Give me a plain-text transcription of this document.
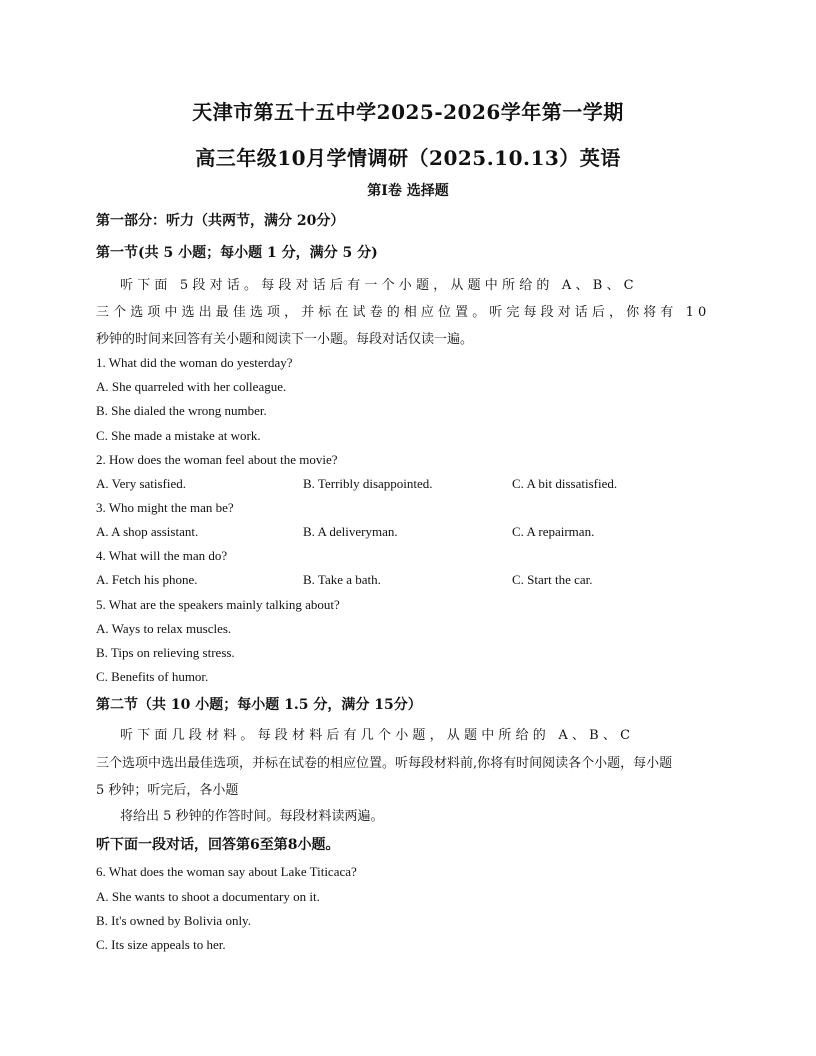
天津市第五十五中学2025-2026学年第一学期
高三年级10月学情调研（2025.10.13）英语
第I卷 选择题
第一部分：听力（共两节，满分 20分）
第一节(共 5 小题；每小题 1 分，满分 5 分)
听下面 5段对话。每段对话后有一个小题，从题中所给的 A、B、C
三个选项中选出最佳选项，并标在试卷的相应位置。听完每段对话后，你将有 10
秒钟的时间来回答有关小题和阅读下一小题。每段对话仅读一遍。
1. What did the woman do yesterday?
A. She quarreled with her colleague.
B. She dialed the wrong number.
C. She made a mistake at work.
2. How does the woman feel about the movie?
A. Very satisfied.	B. Terribly disappointed.	C. A bit dissatisfied.
3. Who might the man be?
A. A shop assistant.	B. A deliveryman.	C. A repairman.
4. What will the man do?
A. Fetch his phone.	B. Take a bath.	C. Start the car.
5. What are the speakers mainly talking about?
A. Ways to relax muscles.
B. Tips on relieving stress.
C. Benefits of humor.
第二节（共 10 小题；每小题 1.5 分，满分 15分）
听下面几段材料。每段材料后有几个小题，从题中所给的 A、B、C
三个选项中选出最佳选项，并标在试卷的相应位置。听每段材料前,你将有时间阅读各个小题，每小题
5 秒钟；听完后，各小题
将给出 5 秒钟的作答时间。每段材料读两遍。
听下面一段对话，回答第6至第8小题。
6. What does the woman say about Lake Titicaca?
A. She wants to shoot a documentary on it.
B. It's owned by Bolivia only.
C. Its size appeals to her.
